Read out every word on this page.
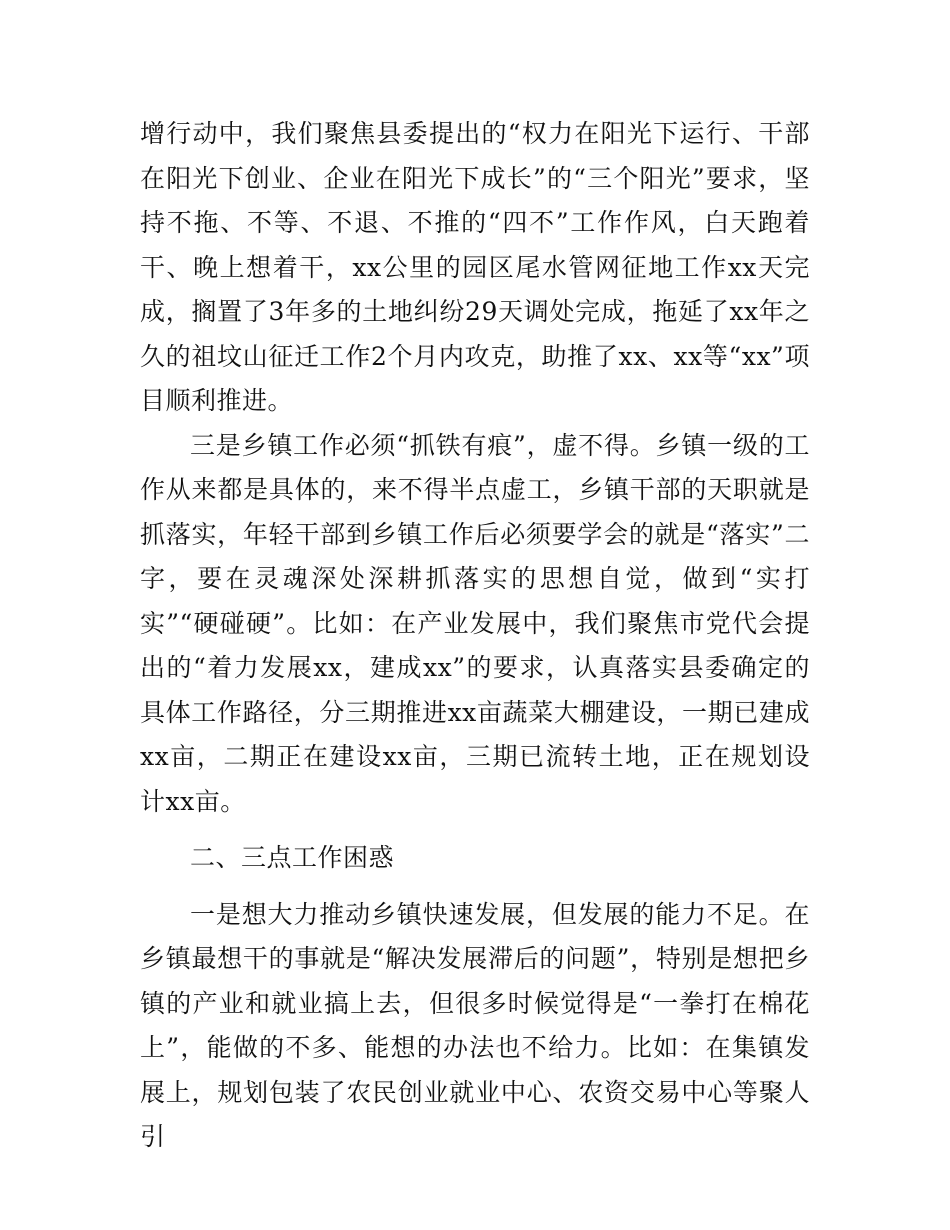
增行动中，我们聚焦县委提出的“权力在阳光下运行、干部在阳光下创业、企业在阳光下成长”的“三个阳光”要求，坚持不拖、不等、不退、不推的“四不”工作作风，白天跑着干、晚上想着干，xx公里的园区尾水管网征地工作xx天完成，搁置了3年多的土地纠纷29天调处完成，拖延了xx年之久的祖坟山征迁工作2个月内攻克，助推了xx、xx等“xx”项目顺利推进。

三是乡镇工作必须“抓铁有痕”，虚不得。乡镇一级的工作从来都是具体的，来不得半点虚工，乡镇干部的天职就是抓落实，年轻干部到乡镇工作后必须要学会的就是“落实”二字，要在灵魂深处深耕抓落实的思想自觉，做到“实打实”“硬碰硬”。比如：在产业发展中，我们聚焦市党代会提出的“着力发展xx，建成xx”的要求，认真落实县委确定的具体工作路径，分三期推进xx亩蔬菜大棚建设，一期已建成xx亩，二期正在建设xx亩，三期已流转土地，正在规划设计xx亩。

二、三点工作困惑

一是想大力推动乡镇快速发展，但发展的能力不足。在乡镇最想干的事就是“解决发展滞后的问题”，特别是想把乡镇的产业和就业搞上去，但很多时候觉得是“一拳打在棉花上”，能做的不多、能想的办法也不给力。比如：在集镇发展上，规划包装了农民创业就业中心、农资交易中心等聚人引
